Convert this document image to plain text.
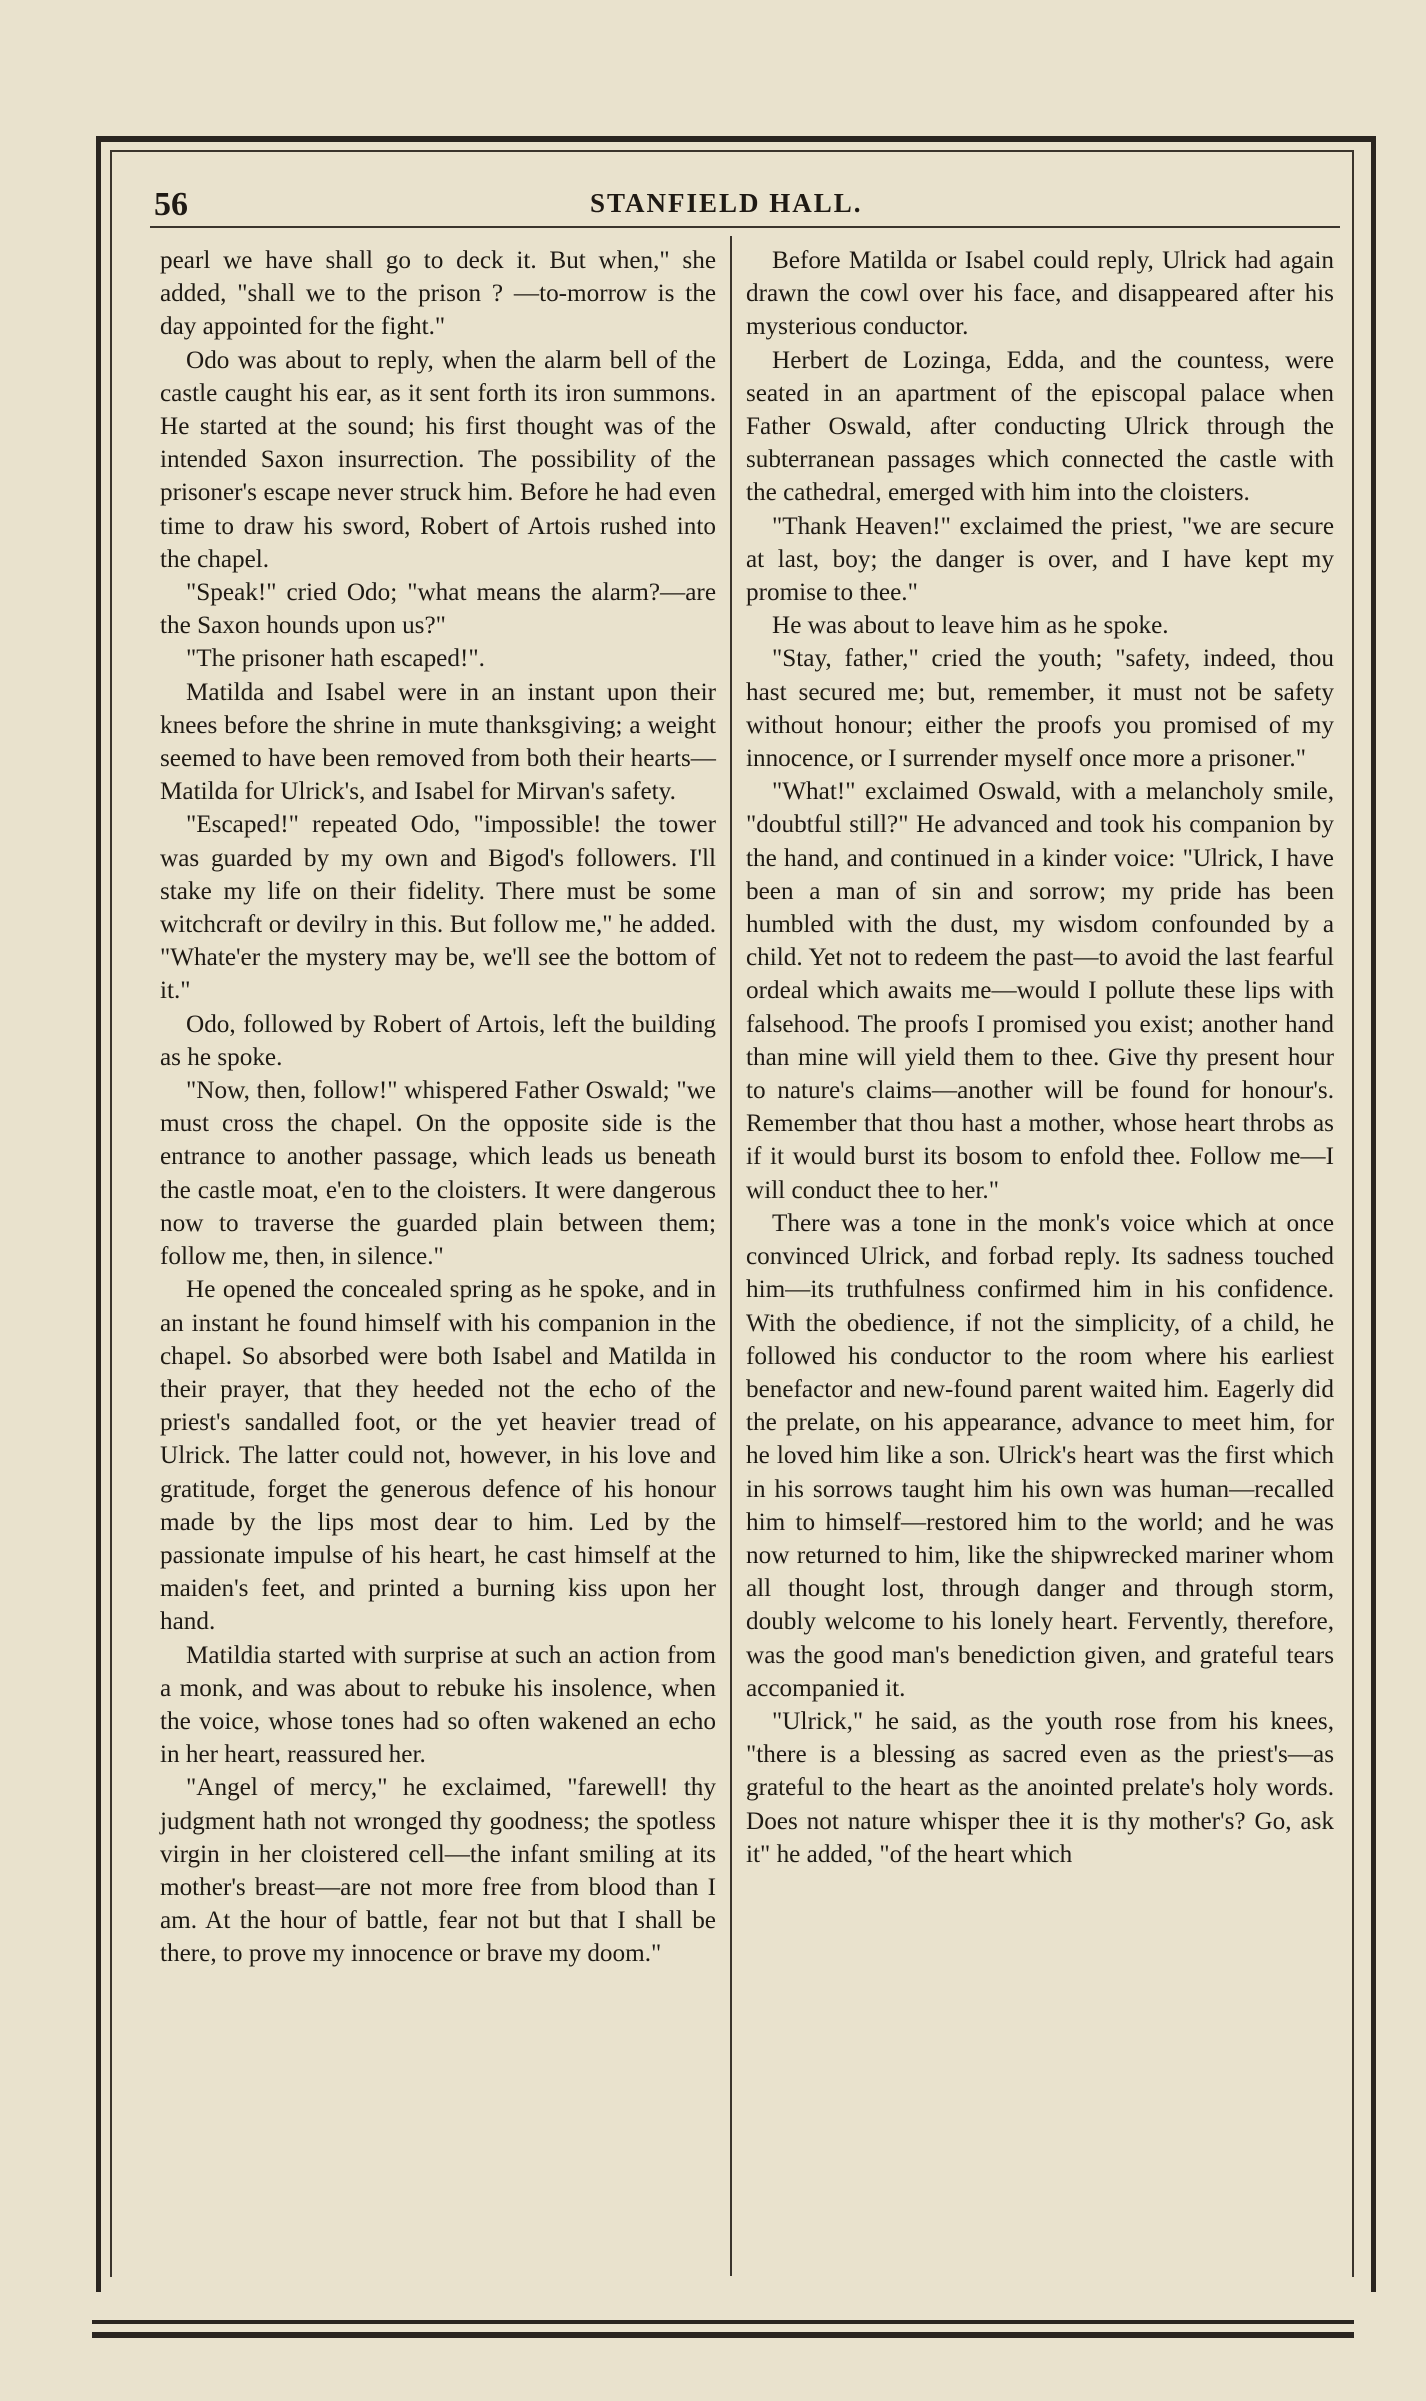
56	STANFIELD HALL.

pearl we have shall go to deck it. But when," she added, "shall we to the prison ? —to-morrow is the day appointed for the fight."

Odo was about to reply, when the alarm bell of the castle caught his ear, as it sent forth its iron summons. He started at the sound; his first thought was of the intended Saxon insurrection. The possibility of the prisoner's escape never struck him. Before he had even time to draw his sword, Robert of Artois rushed into the chapel.

"Speak!" cried Odo; "what means the alarm?—are the Saxon hounds upon us?"

"The prisoner hath escaped!".

Matilda and Isabel were in an instant upon their knees before the shrine in mute thanksgiving; a weight seemed to have been removed from both their hearts—Matilda for Ulrick's, and Isabel for Mirvan's safety.

"Escaped!" repeated Odo, "impossible! the tower was guarded by my own and Bigod's followers. I'll stake my life on their fidelity. There must be some witchcraft or devilry in this. But follow me," he added. "Whate'er the mystery may be, we'll see the bottom of it."

Odo, followed by Robert of Artois, left the building as he spoke.

"Now, then, follow!" whispered Father Oswald; "we must cross the chapel. On the opposite side is the entrance to another passage, which leads us beneath the castle moat, e'en to the cloisters. It were dangerous now to traverse the guarded plain between them; follow me, then, in silence."

He opened the concealed spring as he spoke, and in an instant he found himself with his companion in the chapel. So absorbed were both Isabel and Matilda in their prayer, that they heeded not the echo of the priest's sandalled foot, or the yet heavier tread of Ulrick. The latter could not, however, in his love and gratitude, forget the generous defence of his honour made by the lips most dear to him. Led by the passionate impulse of his heart, he cast himself at the maiden's feet, and printed a burning kiss upon her hand.

Matildia started with surprise at such an action from a monk, and was about to rebuke his insolence, when the voice, whose tones had so often wakened an echo in her heart, reassured her.

"Angel of mercy," he exclaimed, "farewell! thy judgment hath not wronged thy goodness; the spotless virgin in her cloistered cell—the infant smiling at its mother's breast—are not more free from blood than I am. At the hour of battle, fear not but that I shall be there, to prove my innocence or brave my doom."

Before Matilda or Isabel could reply, Ulrick had again drawn the cowl over his face, and disappeared after his mysterious conductor.

Herbert de Lozinga, Edda, and the countess, were seated in an apartment of the episcopal palace when Father Oswald, after conducting Ulrick through the subterranean passages which connected the castle with the cathedral, emerged with him into the cloisters.

"Thank Heaven!" exclaimed the priest, "we are secure at last, boy; the danger is over, and I have kept my promise to thee."

He was about to leave him as he spoke.

"Stay, father," cried the youth; "safety, indeed, thou hast secured me; but, remember, it must not be safety without honour; either the proofs you promised of my innocence, or I surrender myself once more a prisoner."

"What!" exclaimed Oswald, with a melancholy smile, "doubtful still?" He advanced and took his companion by the hand, and continued in a kinder voice: "Ulrick, I have been a man of sin and sorrow; my pride has been humbled with the dust, my wisdom confounded by a child. Yet not to redeem the past—to avoid the last fearful ordeal which awaits me—would I pollute these lips with falsehood. The proofs I promised you exist; another hand than mine will yield them to thee. Give thy present hour to nature's claims—another will be found for honour's. Remember that thou hast a mother, whose heart throbs as if it would burst its bosom to enfold thee. Follow me—I will conduct thee to her."

There was a tone in the monk's voice which at once convinced Ulrick, and forbad reply. Its sadness touched him—its truthfulness confirmed him in his confidence. With the obedience, if not the simplicity, of a child, he followed his conductor to the room where his earliest benefactor and new-found parent waited him. Eagerly did the prelate, on his appearance, advance to meet him, for he loved him like a son. Ulrick's heart was the first which in his sorrows taught him his own was human—recalled him to himself—restored him to the world; and he was now returned to him, like the shipwrecked mariner whom all thought lost, through danger and through storm, doubly welcome to his lonely heart. Fervently, therefore, was the good man's benediction given, and grateful tears accompanied it.

"Ulrick," he said, as the youth rose from his knees, "there is a blessing as sacred even as the priest's—as grateful to the heart as the anointed prelate's holy words. Does not nature whisper thee it is thy mother's? Go, ask it" he added, "of the heart which
